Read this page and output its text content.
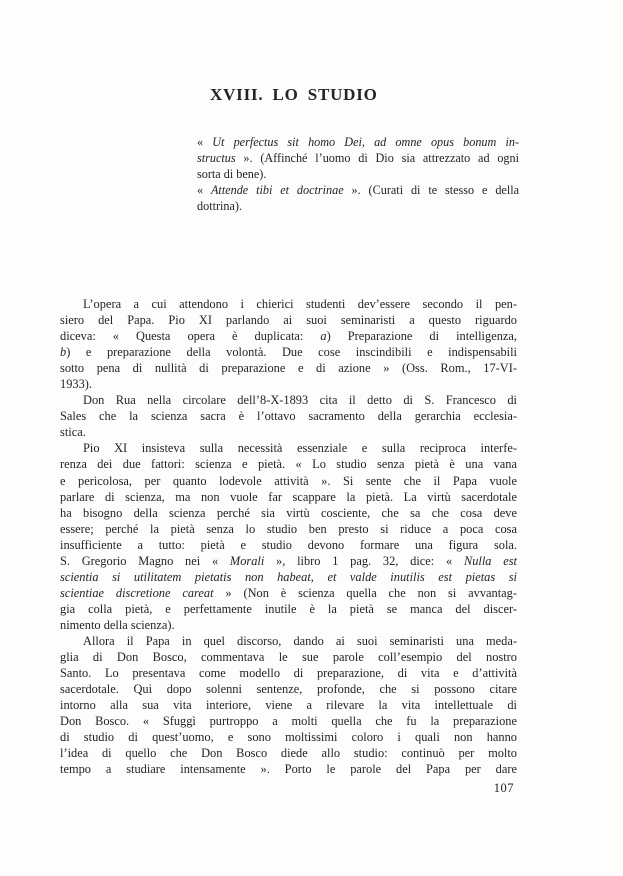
XVIII. LO STUDIO
« Ut perfectus sit homo Dei, ad omne opus bonum in-
structus ». (Affinché l’uomo di Dio sia attrezzato ad ogni
sorta di bene).
« Attende tibi et doctrinae ». (Curati di te stesso e della
dottrina).
L’opera a cui attendono i chierici studenti dev’essere secondo il pen-
siero del Papa. Pio XI parlando ai suoi seminaristi a questo riguardo
diceva: « Questa opera è duplicata: a) Preparazione di intelligenza,
b) e preparazione della volontà. Due cose inscindibili e indispensabili
sotto pena di nullità di preparazione e di azione » (Oss. Rom., 17-VI-
1933).
Don Rua nella circolare dell’8-X-1893 cita il detto di S. Francesco di
Sales che la scienza sacra è l’ottavo sacramento della gerarchia ecclesia-
stica.
Pio XI insisteva sulla necessità essenziale e sulla reciproca interfe-
renza dei due fattori: scienza e pietà. « Lo studio senza pietà è una vana
e pericolosa, per quanto lodevole attività ». Si sente che il Papa vuole
parlare di scienza, ma non vuole far scappare la pietà. La virtù sacerdotale
ha bisogno della scienza perché sia virtù cosciente, che sa che cosa deve
essere; perché la pietà senza lo studio ben presto si riduce a poca cosa
insufficiente a tutto: pietà e studio devono formare una figura sola.
S. Gregorio Magno nei « Morali », libro 1 pag. 32, dice: « Nulla est
scientia si utilitatem pietatis non habeat, et valde inutilis est pietas si
scientiae discretione careat » (Non è scienza quella che non si avvantag-
gia colla pietà, e perfettamente inutile è la pietà se manca del discer-
nimento della scienza).
Allora il Papa in quel discorso, dando ai suoi seminaristi una meda-
glia di Don Bosco, commentava le sue parole coll’esempio del nostro
Santo. Lo presentava come modello di preparazione, di vita e d’attività
sacerdotale. Qui dopo solenni sentenze, profonde, che si possono citare
intorno alla sua vita interiore, viene a rilevare la vita intellettuale di
Don Bosco. « Sfuggì purtroppo a molti quella che fu la preparazione
di studio di quest’uomo, e sono moltissimi coloro i quali non hanno
l’idea di quello che Don Bosco diede allo studio: continuò per molto
tempo a studiare intensamente ». Porto le parole del Papa per dare
107
